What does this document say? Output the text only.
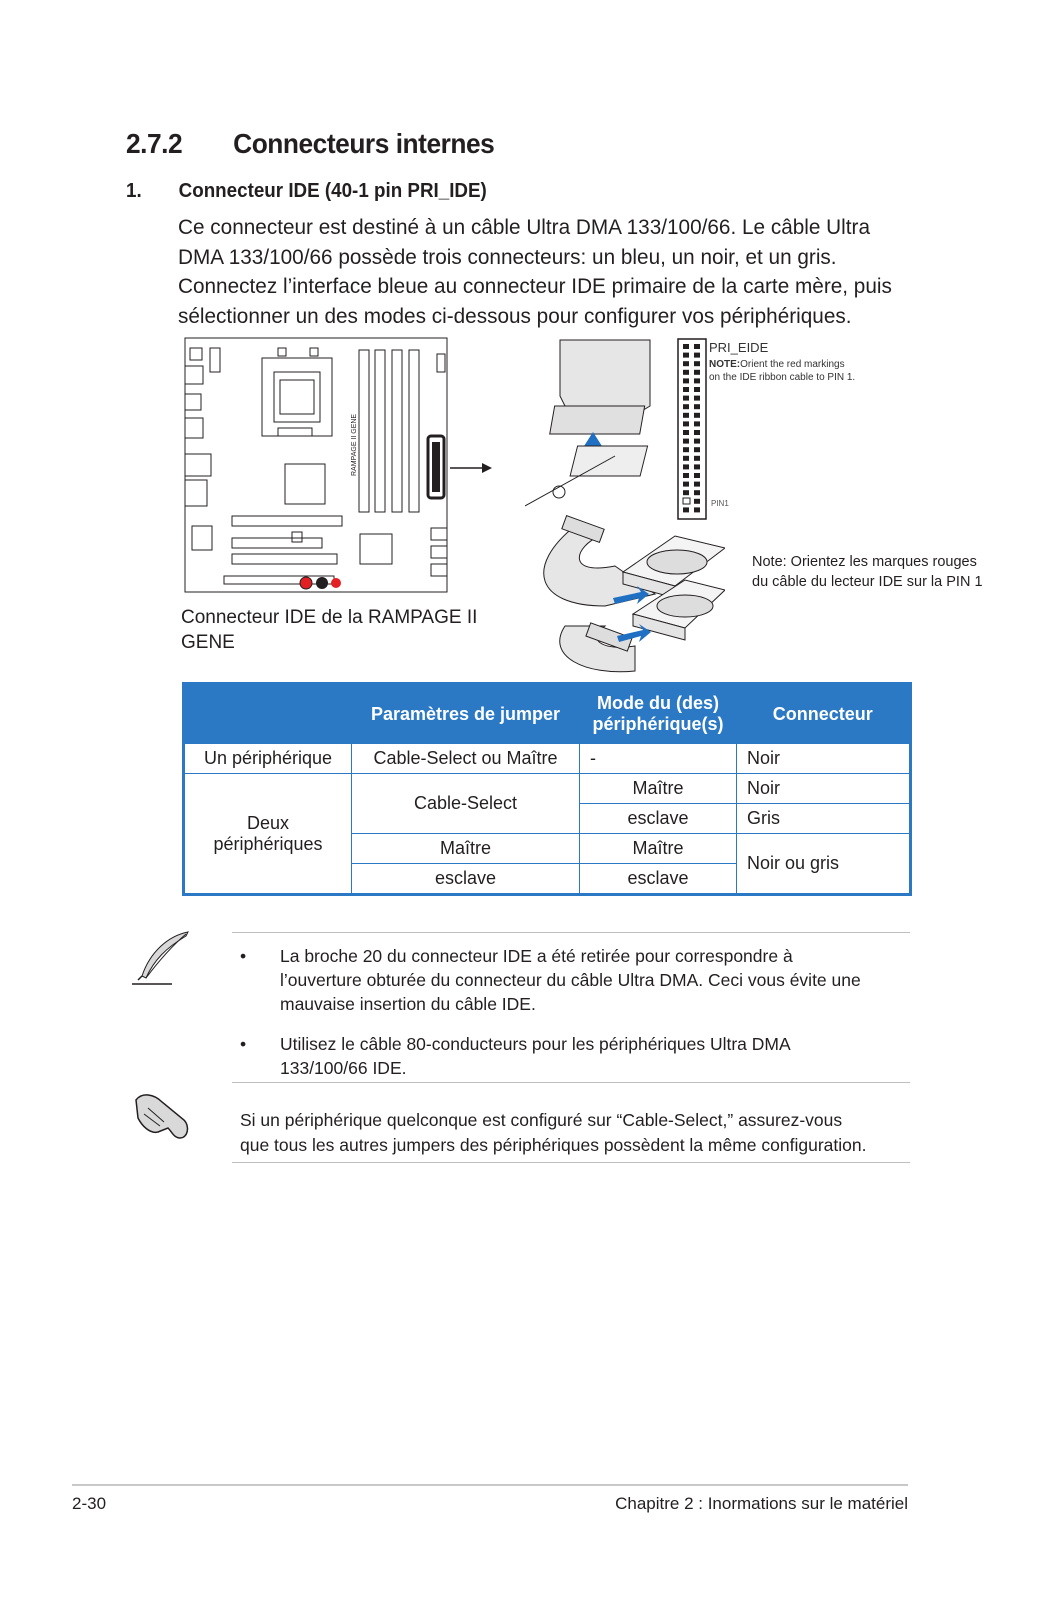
2.7.2 Connecteurs internes
1. Connecteur IDE (40-1 pin PRI_IDE)

Ce connecteur est destiné à un câble Ultra DMA 133/100/66. Le câble Ultra
DMA 133/100/66 possède trois connecteurs: un bleu, un noir, et un gris.
Connectez l’interface bleue au connecteur IDE primaire de la carte mère, puis
sélectionner un des modes ci-dessous pour configurer vos périphériques.

RAMPAGE II GENE
Connecteur IDE de la RAMPAGE II GENE
PRI_EIDE
NOTE:Orient the red markings
on the IDE ribbon cable to PIN 1.
PIN1
Note: Orientez les marques rouges
du câble du lecteur IDE sur la PIN 1
	Paramètres de jumper	Mode du (des)
périphérique(s)	Connecteur
Un périphérique	Cable-Select ou Maître	-	Noir
Deux
périphériques	Cable-Select	Maître	Noir
		esclave	Gris
	Maître	Maître	Noir ou gris
	esclave	esclave	
• La broche 20 du connecteur IDE a été retirée pour correspondre à
l’ouverture obturée du connecteur du câble Ultra DMA. Ceci vous évite une
mauvaise insertion du câble IDE.
• Utilisez le câble 80-conducteurs pour les périphériques Ultra DMA
133/100/66 IDE.
Si un périphérique quelconque est configuré sur “Cable-Select,” assurez-vous
que tous les autres jumpers des périphériques possèdent la même configuration.
2-30	Chapitre 2 : Inormations sur le matériel
